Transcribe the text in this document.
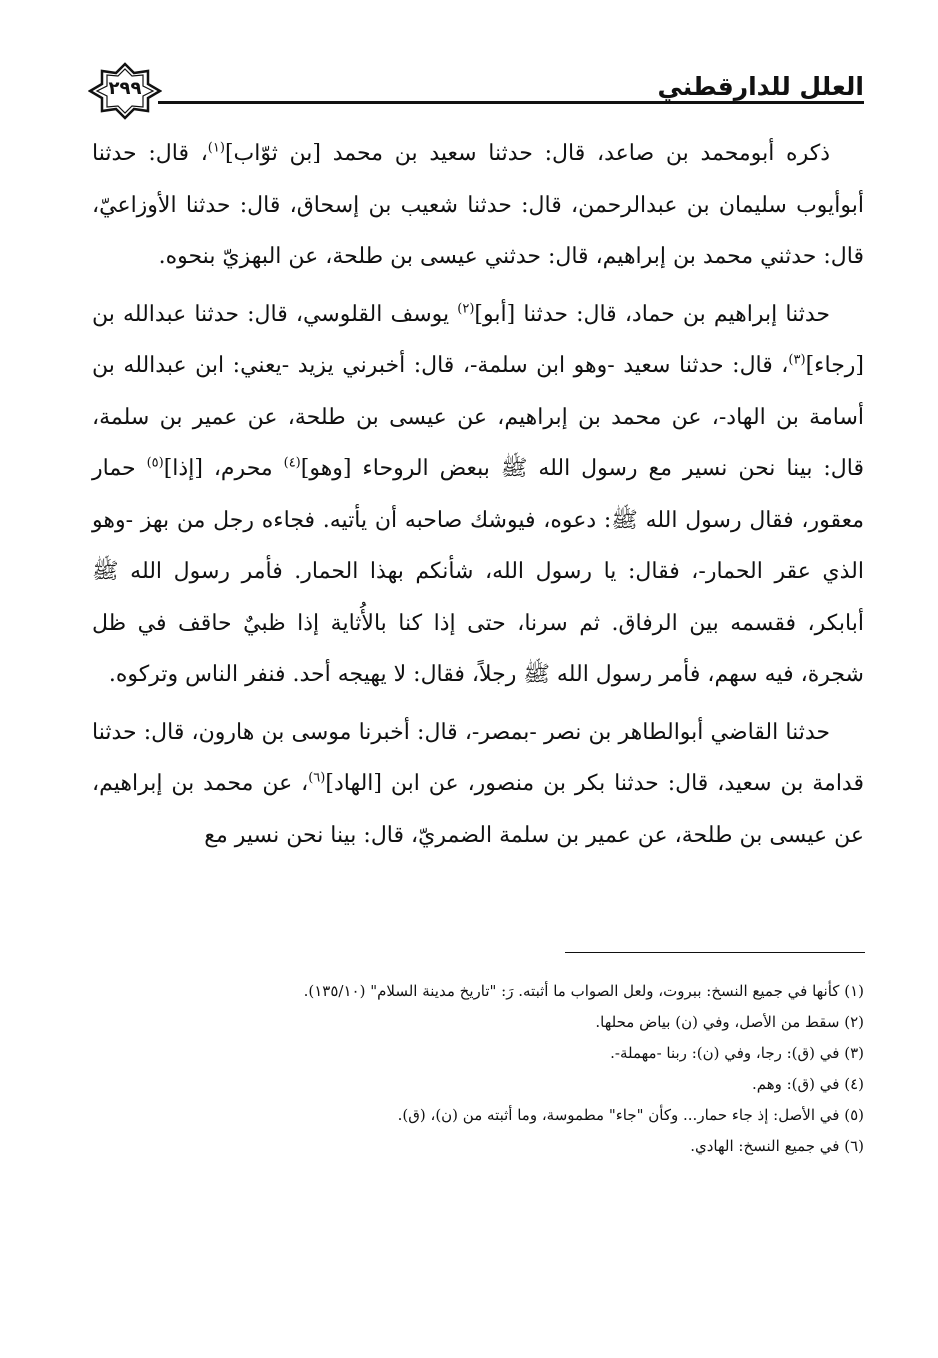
٢٩٩	العلل للدارقطني

ذكره أبومحمد بن صاعد، قال: حدثنا سعيد بن محمد [بن ثوّاب]$^{(١)}$، قال: حدثنا أبوأيوب سليمان بن عبدالرحمن، قال: حدثنا شعيب بن إسحاق، قال: حدثنا الأوزاعيّ، قال: حدثني محمد بن إبراهيم، قال: حدثني عيسى بن طلحة، عن البهزيّ بنحوه.

حدثنا إبراهيم بن حماد، قال: حدثنا [أبو]$^{(٢)}$ يوسف القلوسي، قال: حدثنا عبدالله بن [رجاء]$^{(٣)}$، قال: حدثنا سعيد -وهو ابن سلمة-، قال: أخبرني يزيد -يعني: ابن عبدالله بن أسامة بن الهاد-، عن محمد بن إبراهيم، عن عيسى بن طلحة، عن عمير بن سلمة، قال: بينا نحن نسير مع رسول الله ﷺ ببعض الروحاء [وهو]$^{(٤)}$ محرم، [إذا]$^{(٥)}$ حمار معقور، فقال رسول الله ﷺ: دعوه، فيوشك صاحبه أن يأتيه. فجاءه رجل من بهز -وهو الذي عقر الحمار-، فقال: يا رسول الله، شأنكم بهذا الحمار. فأمر رسول الله ﷺ أبابكر، فقسمه بين الرفاق. ثم سرنا، حتى إذا كنا بالأُثاية إذا ظبيٌ حاقف في ظل شجرة، فيه سهم، فأمر رسول الله ﷺ رجلاً، فقال: لا يهيجه أحد. فنفر الناس وتركوه.

حدثنا القاضي أبوالطاهر بن نصر -بمصر-، قال: أخبرنا موسى بن هارون، قال: حدثنا قدامة بن سعيد، قال: حدثنا بكر بن منصور، عن ابن [الهاد]$^{(٦)}$، عن محمد بن إبراهيم، عن عيسى بن طلحة، عن عمير بن سلمة الضمريّ، قال: بينا نحن نسير مع

(١) كأنها في جميع النسخ: ببروت، ولعل الصواب ما أثبته. رَ: "تاريخ مدينة السلام" (١٣٥/١٠).

(٢) سقط من الأصل، وفي (ن) بياض محلها.

(٣) في (ق): رجا، وفي (ن): ربنا -مهملة-.

(٤) في (ق): وهم.

(٥) في الأصل: إذ جاء حمار... وكأن "جاء" مطموسة، وما أثبته من (ن)، (ق).

(٦) في جميع النسخ: الهادي.
